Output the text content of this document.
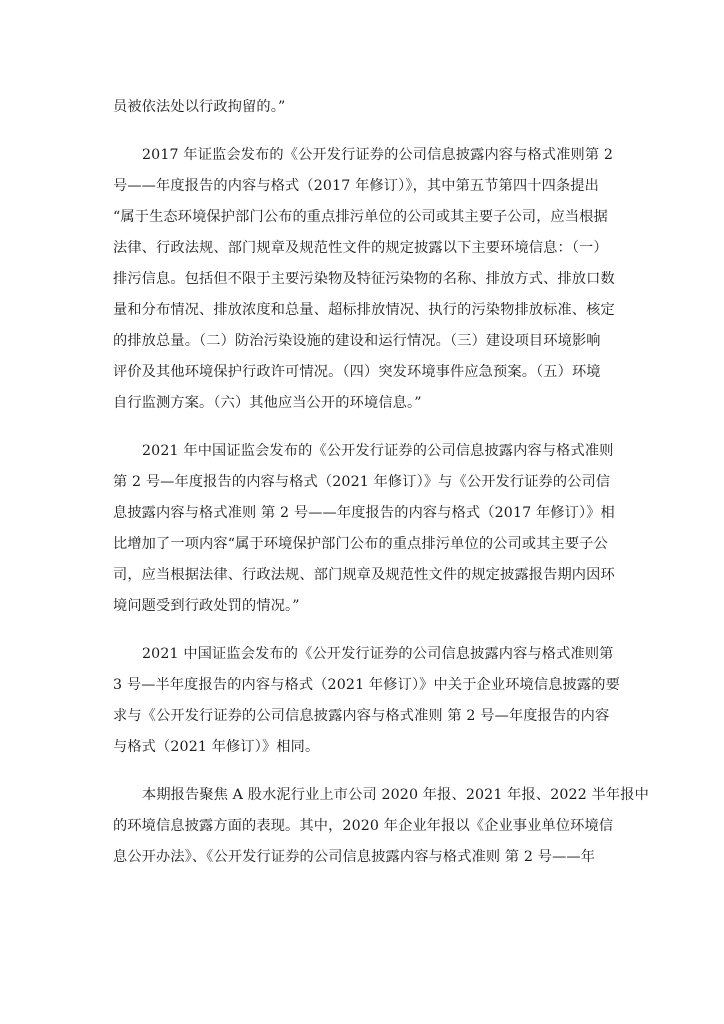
员被依法处以行政拘留的。”
2017 年证监会发布的《公开发行证券的公司信息披露内容与格式准则第 2
号——年度报告的内容与格式（2017 年修订）》，其中第五节第四十四条提出
“属于生态环境保护部门公布的重点排污单位的公司或其主要子公司，应当根据
法律、行政法规、部门规章及规范性文件的规定披露以下主要环境信息：（一）
排污信息。包括但不限于主要污染物及特征污染物的名称、排放方式、排放口数
量和分布情况、排放浓度和总量、超标排放情况、执行的污染物排放标准、核定
的排放总量。（二）防治污染设施的建设和运行情况。（三）建设项目环境影响
评价及其他环境保护行政许可情况。（四）突发环境事件应急预案。（五）环境
自行监测方案。（六）其他应当公开的环境信息。”
2021 年中国证监会发布的《公开发行证券的公司信息披露内容与格式准则
第 2 号—年度报告的内容与格式（2021 年修订）》与《公开发行证券的公司信
息披露内容与格式准则 第 2 号——年度报告的内容与格式（2017 年修订）》相
比增加了一项内容“属于环境保护部门公布的重点排污单位的公司或其主要子公
司，应当根据法律、行政法规、部门规章及规范性文件的规定披露报告期内因环
境问题受到行政处罚的情况。”
2021 中国证监会发布的《公开发行证券的公司信息披露内容与格式准则第
3 号—半年度报告的内容与格式（2021 年修订）》中关于企业环境信息披露的要
求与《公开发行证券的公司信息披露内容与格式准则 第 2 号—年度报告的内容
与格式（2021 年修订）》相同。
本期报告聚焦 A 股水泥行业上市公司 2020 年报、2021 年报、2022 半年报中
的环境信息披露方面的表现。其中，2020 年企业年报以《企业事业单位环境信
息公开办法》、《公开发行证券的公司信息披露内容与格式准则 第 2 号——年
